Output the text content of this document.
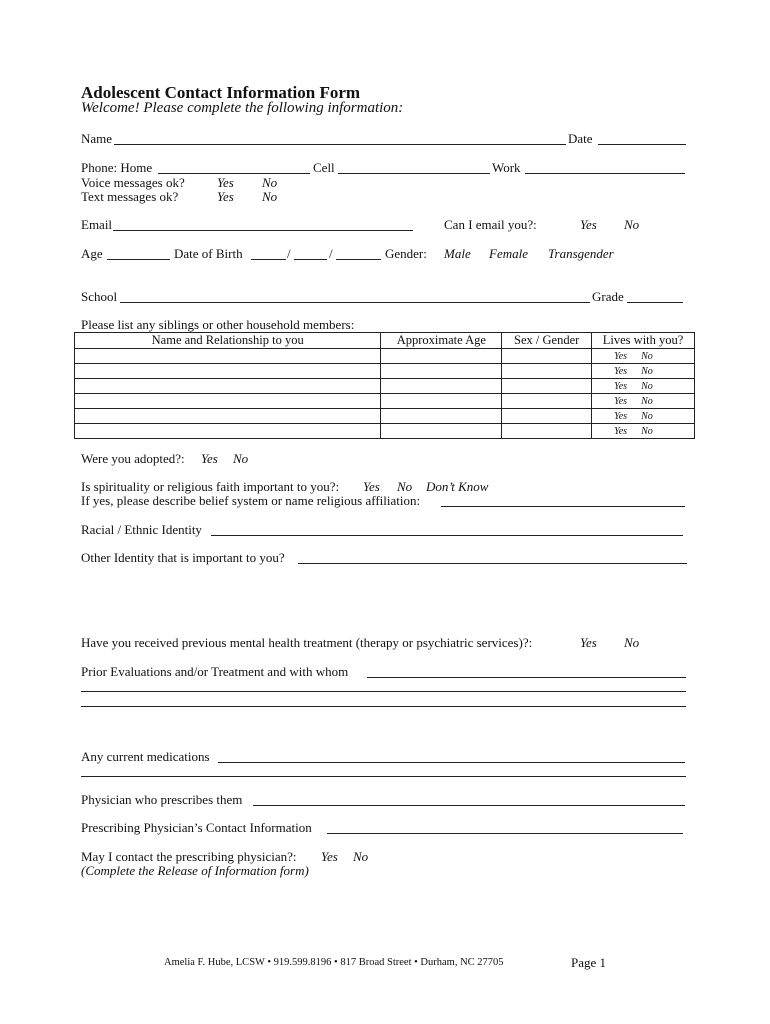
Adolescent Contact Information Form
Welcome! Please complete the following information:
Name	Date
Phone: Home	Cell	Work
Voice messages ok? Yes No
Text messages ok?	Yes No
Email	Can I email you?:	Yes No
Age	Date of Birth	/	/	Gender: Male Female Transgender
School	Grade
Please list any siblings or other household members:
Name and Relationship to you	Approximate Age	Sex / Gender	Lives with you?
			Yes No
			Yes No
			Yes No
			Yes No
			Yes No
			Yes No
Were you adopted?: Yes No
Is spirituality or religious faith important to you?: Yes No Don’t Know
If yes, please describe belief system or name religious affiliation:
Racial / Ethnic Identity
Other Identity that is important to you?
Have you received previous mental health treatment (therapy or psychiatric services)?:	Yes No
Prior Evaluations and/or Treatment and with whom
Any current medications
Physician who prescribes them
Prescribing Physician’s Contact Information
May I contact the prescribing physician?: Yes No
(Complete the Release of Information form)
Amelia F. Hube, LCSW • 919.599.8196 • 817 Broad Street • Durham, NC 27705	Page 1
